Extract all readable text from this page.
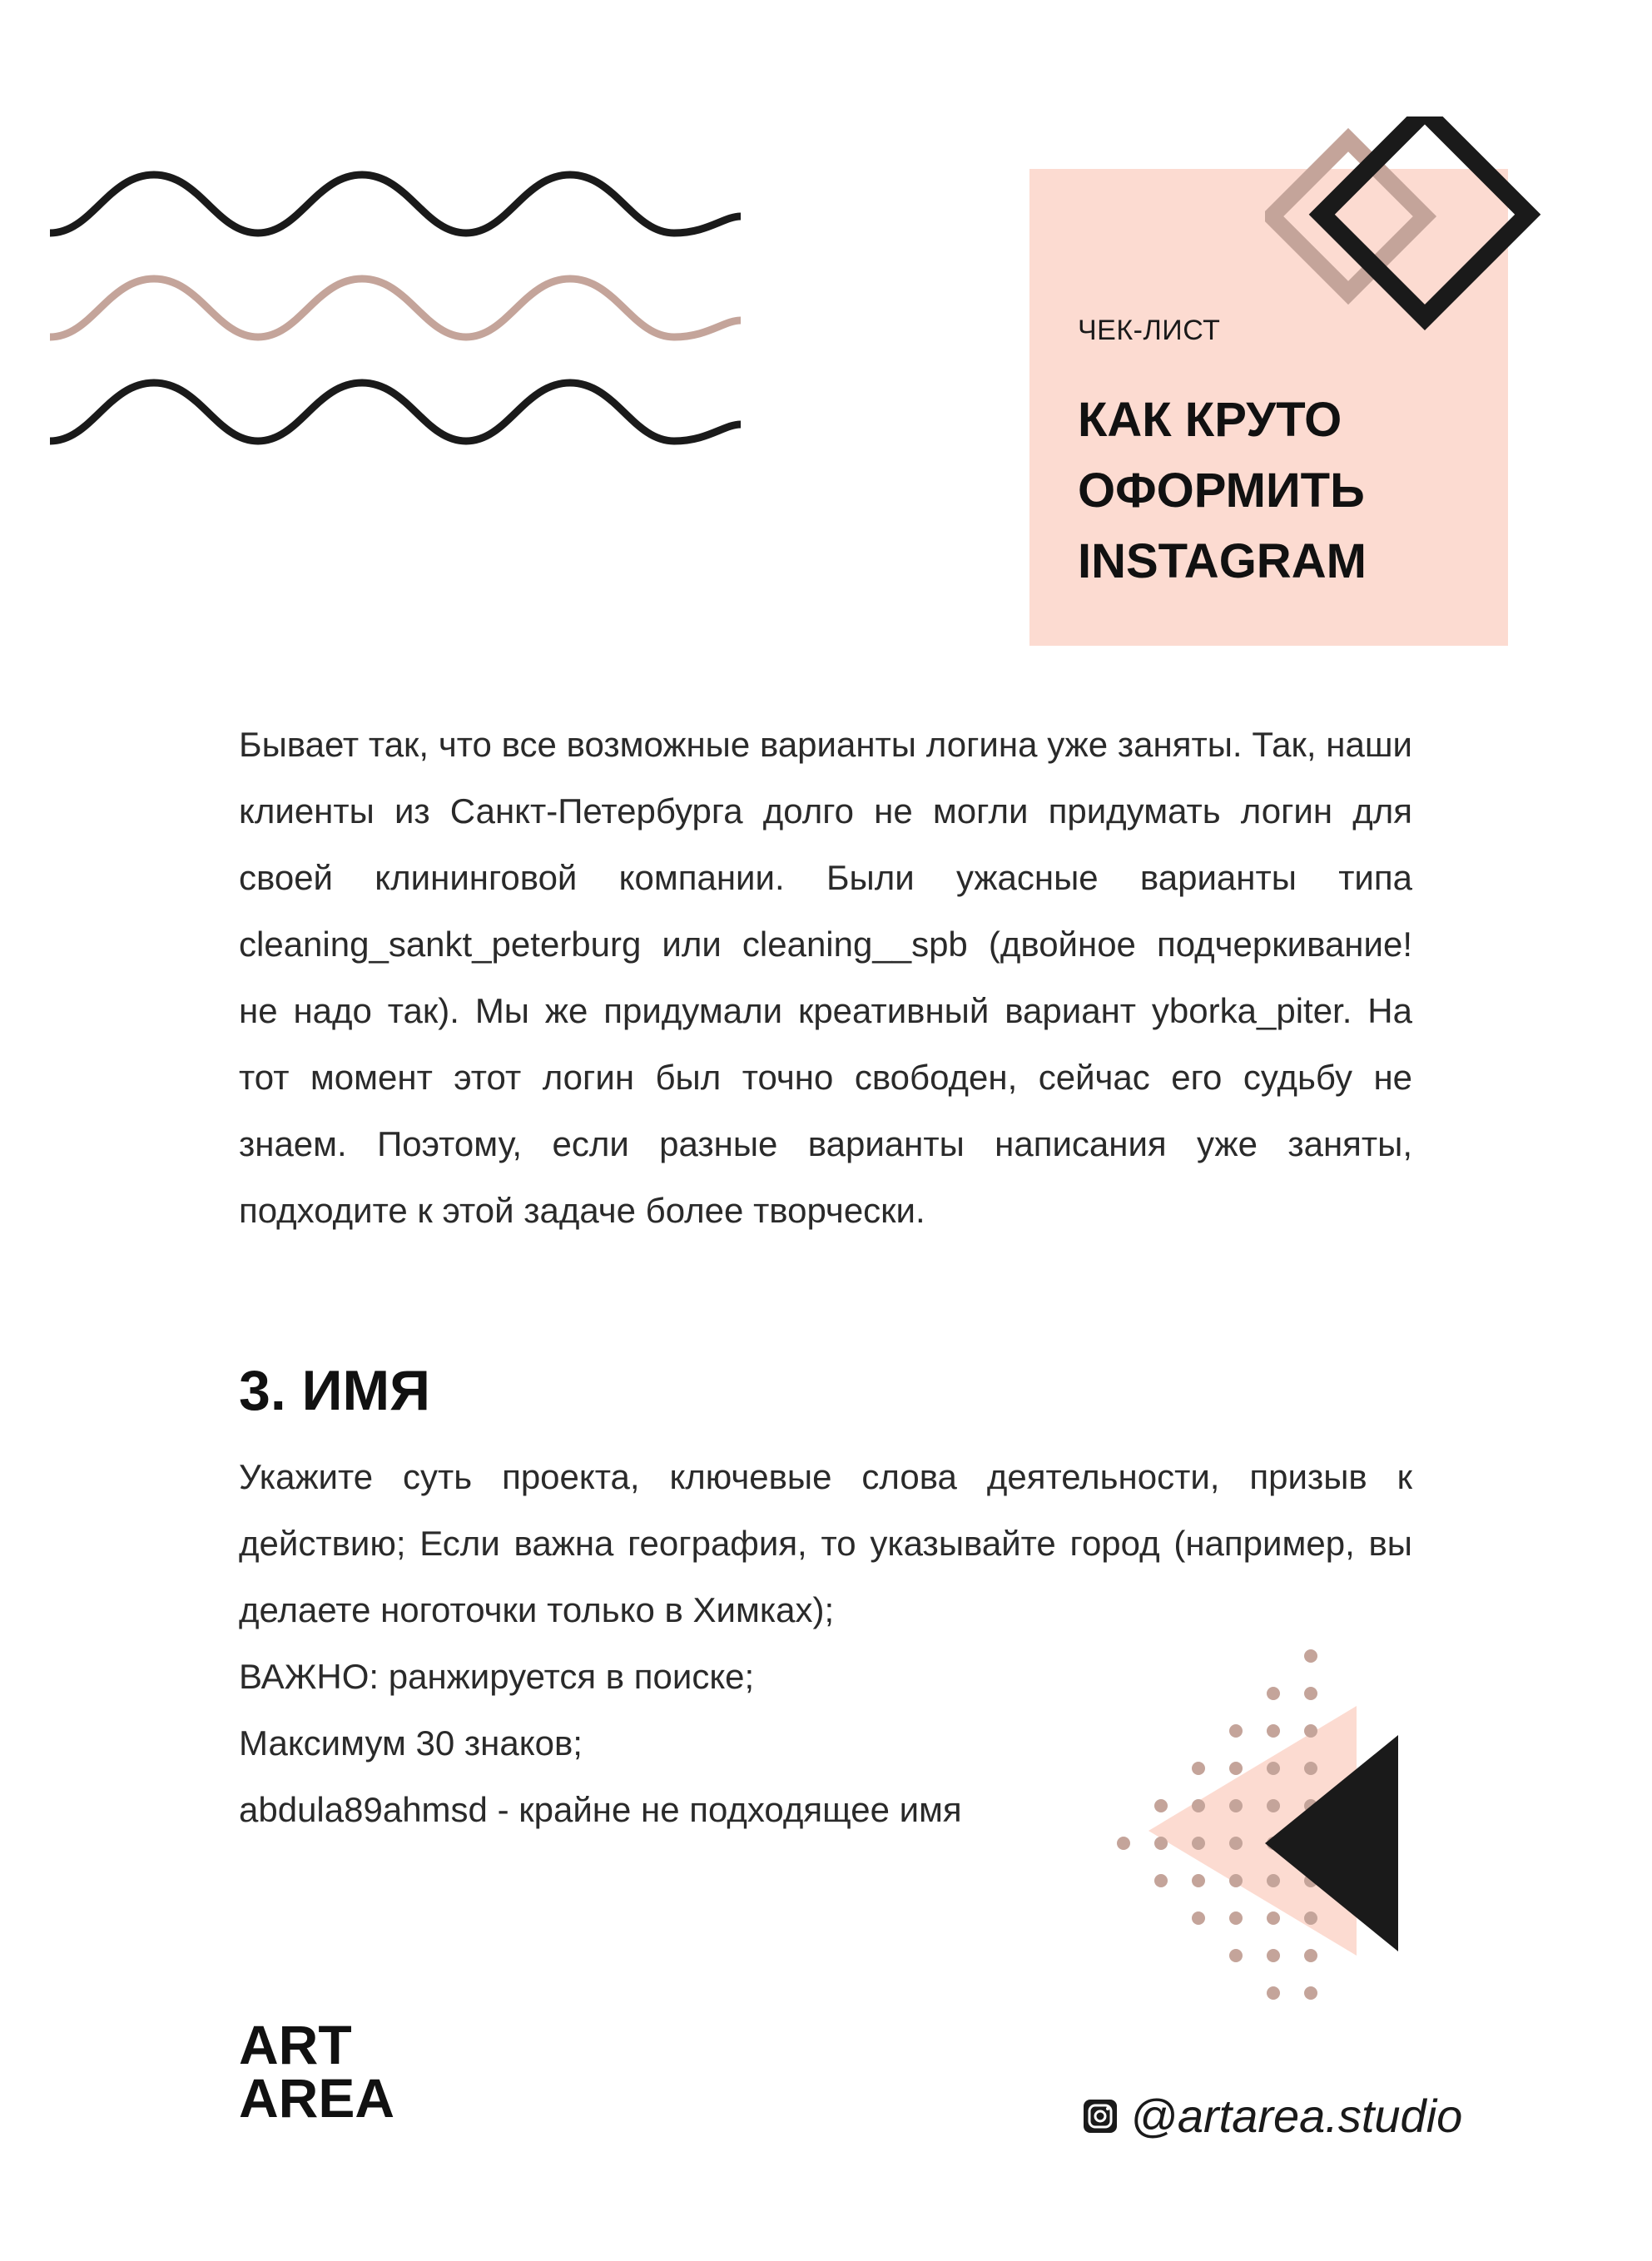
ЧЕК-ЛИСТ
КАК КРУТО
ОФОРМИТЬ
INSTAGRAM
Бывает так, что все возможные варианты логина уже заняты. Так, наши клиенты из Санкт-Петербурга долго не могли придумать логин для своей клининговой компании. Были ужасные варианты типа cleaning_sankt_peterburg или cleaning__spb (двойное подчеркивание! не надо так). Мы же придумали креативный вариант yborka_piter. На тот момент этот логин был точно свободен, сейчас его судьбу не знаем. Поэтому, если разные варианты написания уже заняты, подходите к этой задаче более творчески.
3. ИМЯ
Укажите суть проекта, ключевые слова деятельности, призыв к действию; Если важна география, то указывайте город (например, вы делаете ноготочки только в Химках);
ВАЖНО: ранжируется в поиске;
Максимум 30 знаков;
abdula89ahmsd - крайне не подходящее имя
ART
AREA	@artarea.studio
